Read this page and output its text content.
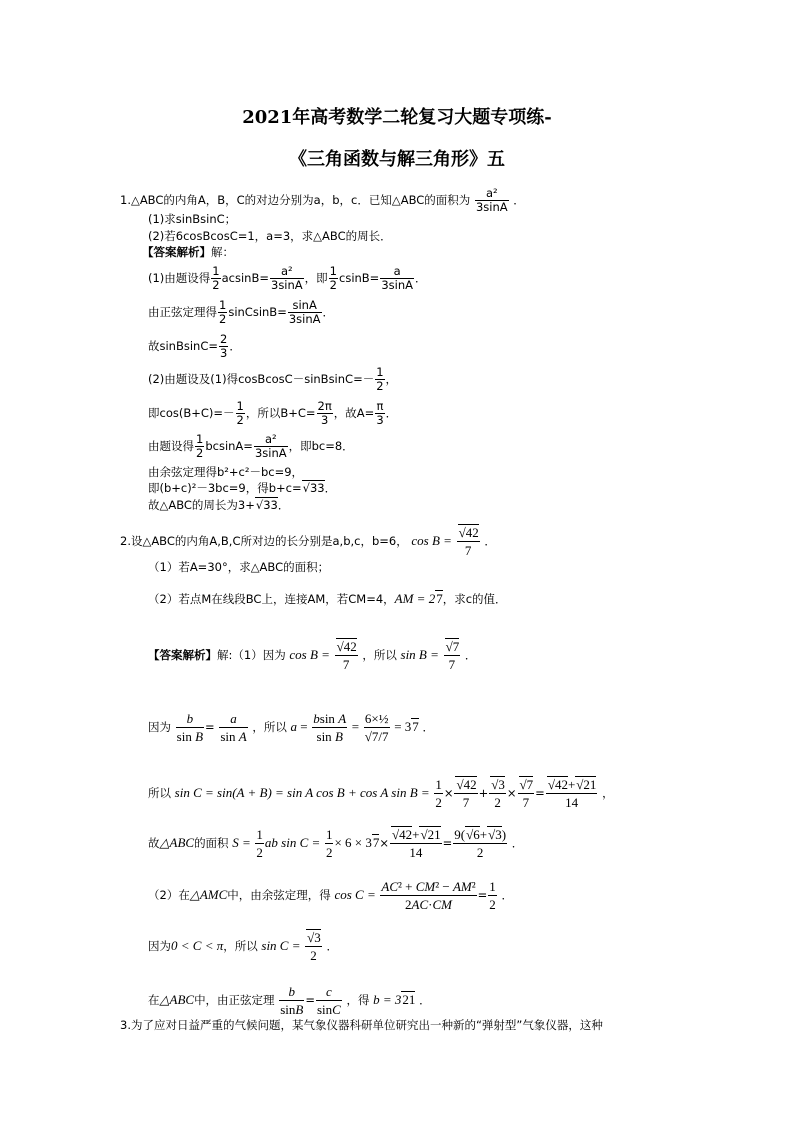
2021年高考数学二轮复习大题专项练-
《三角函数与解三角形》五
1.△ABC的内角A，B，C的对边分别为a，b，c．已知△ABC的面积为 $\frac{\text{a²}}{3\sin A}$ ．
(1)求sinBsinC；
(2)若6cosBcosC=1，a=3，求△ABC的周长．
【答案解析】解：
(1)由题设得 $\frac{1}{2} acsinB= \frac{\text{a²}}{3\sin A}$ ，即 $\frac{1}{2} csinB= \frac{a}{3\sin A}$ ．
由正弦定理得 $\frac{1}{2}$ sinCsinB= $\frac{\sin A}{3\sin A}$ ．
故sinBsinC= $\frac{2}{3}$ ．
(2)由题设及(1)得cosBcosC－sinBsinC=－ $\frac{1}{2}$ ，
即$\cos(B+C)=- \frac{1}{2}$ ，所以$B+C= \frac{2\pi}{3}$ ，故$A= \frac{\pi}{3}$ ．
由题设得 $\frac{1}{2} bcsinA= \frac{\text{a²}}{3\sin A}$ ，即bc=8．
由余弦定理得b²+c²－bc=9，
即(b+c)²－3bc=9，得b+c=√33．
故△ABC的周长为3+√33．
2.设△ABC的内角A,B,C所对边的长分别是a,b,c，b=6， $\cos B = \frac{√42}{7}$ ．
（1）若A=30°，求△ABC的面积；
（2）若点M在线段BC上，连接AM，若CM=4，AM = 27，求c的值．
【答案解析】解:（1）因为 $\cos B = \frac{√42}{7}$ ，所以 $\sin B = \frac{√7}{7}$ ．
因为 $\frac{b}{\text{sin B}} = \frac{a}{\text{sin A}}$ ，所以 $a = \frac{\text{bsin A}}{\text{sin B}} = \frac{\text{6×½}}{√7/7} = 37$ ．
所以 sin C = sin(A + B) = sin A cos B + cos A $\sin B = \frac{1}{2} \times \frac{√42}{7} + \frac{√3}{2} \times \frac{√7}{7} = \frac{√42+√21}{14}$ ，
故△ABC的面积 $S = \frac{1}{2}$ ab $\sin C = \frac{1}{2} \times 6 \times 37\times \frac{√42+√21}{14} = \frac{9(√6+√3)}{2}$ ．
（2）在△AMC中，由余弦定理，得 $\cos C = \frac{\text{AC² + CM² − AM²}}{2AC\cdot CM} = \frac{1}{2}$ ．
因为0 < C < π，所以 $\sin C = \frac{√3}{2}$ ．
在△ABC中，由正弦定理 $\frac{b}{\sin B} = \frac{c}{\sin C}$ ，得 b = 321 ．
3.为了应对日益严重的气候问题，某气象仪器科研单位研究出一种新的“弹射型”气象仪器，这种
